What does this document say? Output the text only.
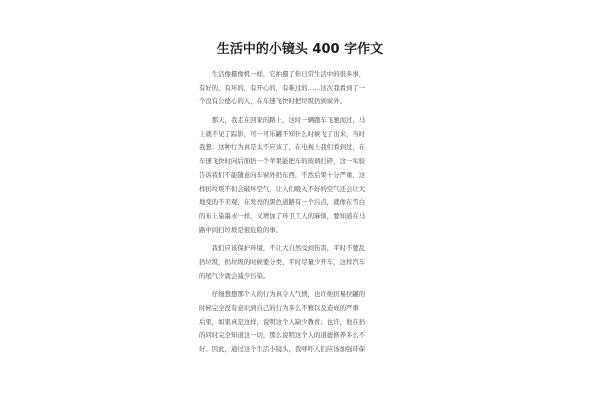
生活中的小镜头 400 字作文
　　生活像摄像机一样，它拍摄了你日常生活中的很多事，
有好的，有坏的，有开心的，有难过的……这次我看到了一
个没有公德心的人，在车速飞快时把垃圾扔到窗外。
　　那天，我走在回家的路上，这时一辆跑车飞驰而过，马
上就不见了踪影，可一可乐罐不知什么时候飞了出来，当时
我想：这种行为真是太不应该了，在电视上我们看到过，在
车速飞快时向后面扔一个苹果能把车的玻璃打碎，这一实验
告诉我们不能随意向车窗外扔东西，不然后果十分严重，这
样扔垃圾不但会破坏空气，让人们吸入不好的空气还会让大
地变的不美观，在发亮的黑色道路有一个污点，就像在雪白
的布上染墨水一样，又增加了环卫工人的麻烦，要知道在马
路中间扫垃圾是很危险的事。
　　我们应该保护环境，不让大自然受到伤害，平时不要乱
扔垃圾，扔垃圾的时候要分类，平时尽量少开车，这样汽车
的尾气少就会减少污染。
　　仔细想想那个人的行为真令人气愤，也许他扔易拉罐的
时候完全没有意识到自己的行为多么不雅以及造成的严重
后果，如果真是这样，说明这个人缺少教育；也许，他在扔
的同时完全知道这一切，那么说明这个人的道德修养多么不
好。因此，通过这个生活小镜头，我呼吁人们应该加强环保
